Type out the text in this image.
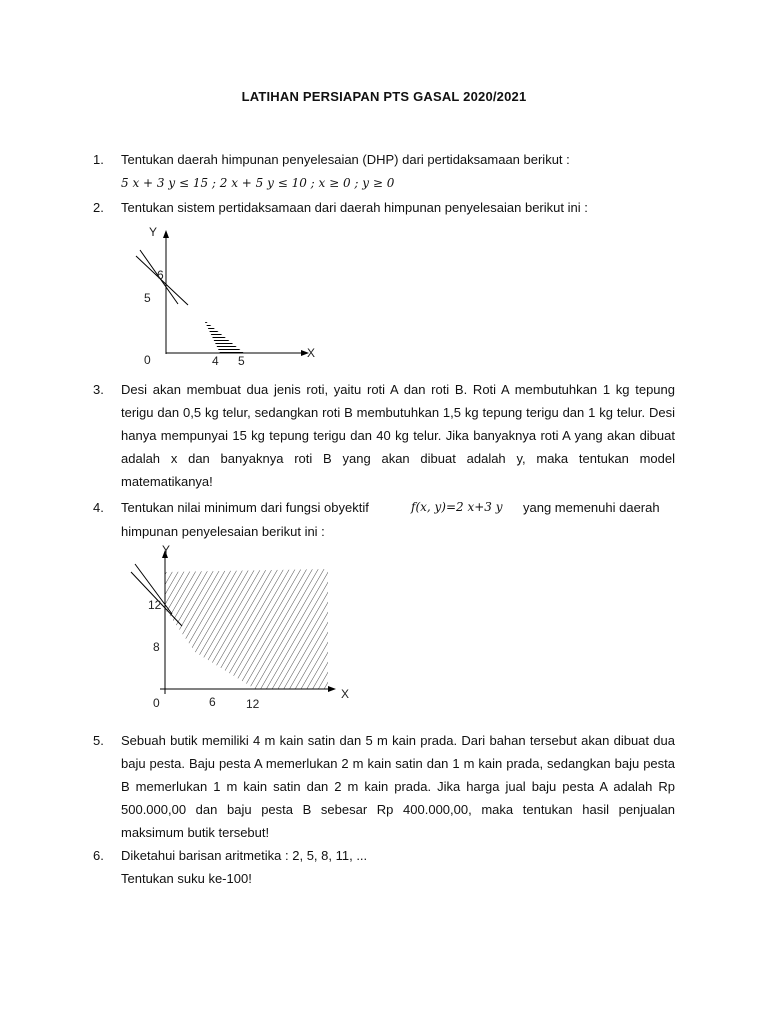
LATIHAN PERSIAPAN PTS GASAL 2020/2021
1. Tentukan daerah himpunan penyelesaian (DHP) dari pertidaksamaan berikut :
5 x + 3 y ≤ 15 ; 2 x + 5 y ≤ 10 ; x ≥ 0 ; y ≥ 0
2. Tentukan sistem pertidaksamaan dari daerah himpunan penyelesaian berikut ini :
Y
X
0
6
5
4 5
3. Desi akan membuat dua jenis roti, yaitu roti A dan roti B. Roti A membutuhkan 1 kg tepung terigu dan 0,5 kg telur, sedangkan roti B membutuhkan 1,5 kg tepung terigu dan 1 kg telur. Desi hanya mempunyai 15 kg tepung terigu dan 40 kg telur. Jika banyaknya roti A yang akan dibuat adalah x dan banyaknya roti B yang akan dibuat adalah y, maka tentukan model matematikanya!
4. Tentukan nilai minimum dari fungsi obyektif	f(x, y)=2 x+3 y yang memenuhi daerah
himpunan penyelesaian berikut ini :
Y
X
0
12
8
6	12
5. Sebuah butik memiliki 4 m kain satin dan 5 m kain prada. Dari bahan tersebut akan dibuat dua baju pesta. Baju pesta A memerlukan 2 m kain satin dan 1 m kain prada, sedangkan baju pesta B memerlukan 1 m kain satin dan 2 m kain prada. Jika harga jual baju pesta A adalah Rp 500.000,00 dan baju pesta B sebesar Rp 400.000,00, maka tentukan hasil penjualan maksimum butik tersebut!
6. Diketahui barisan aritmetika : 2, 5, 8, 11, ...
Tentukan suku ke-100!
